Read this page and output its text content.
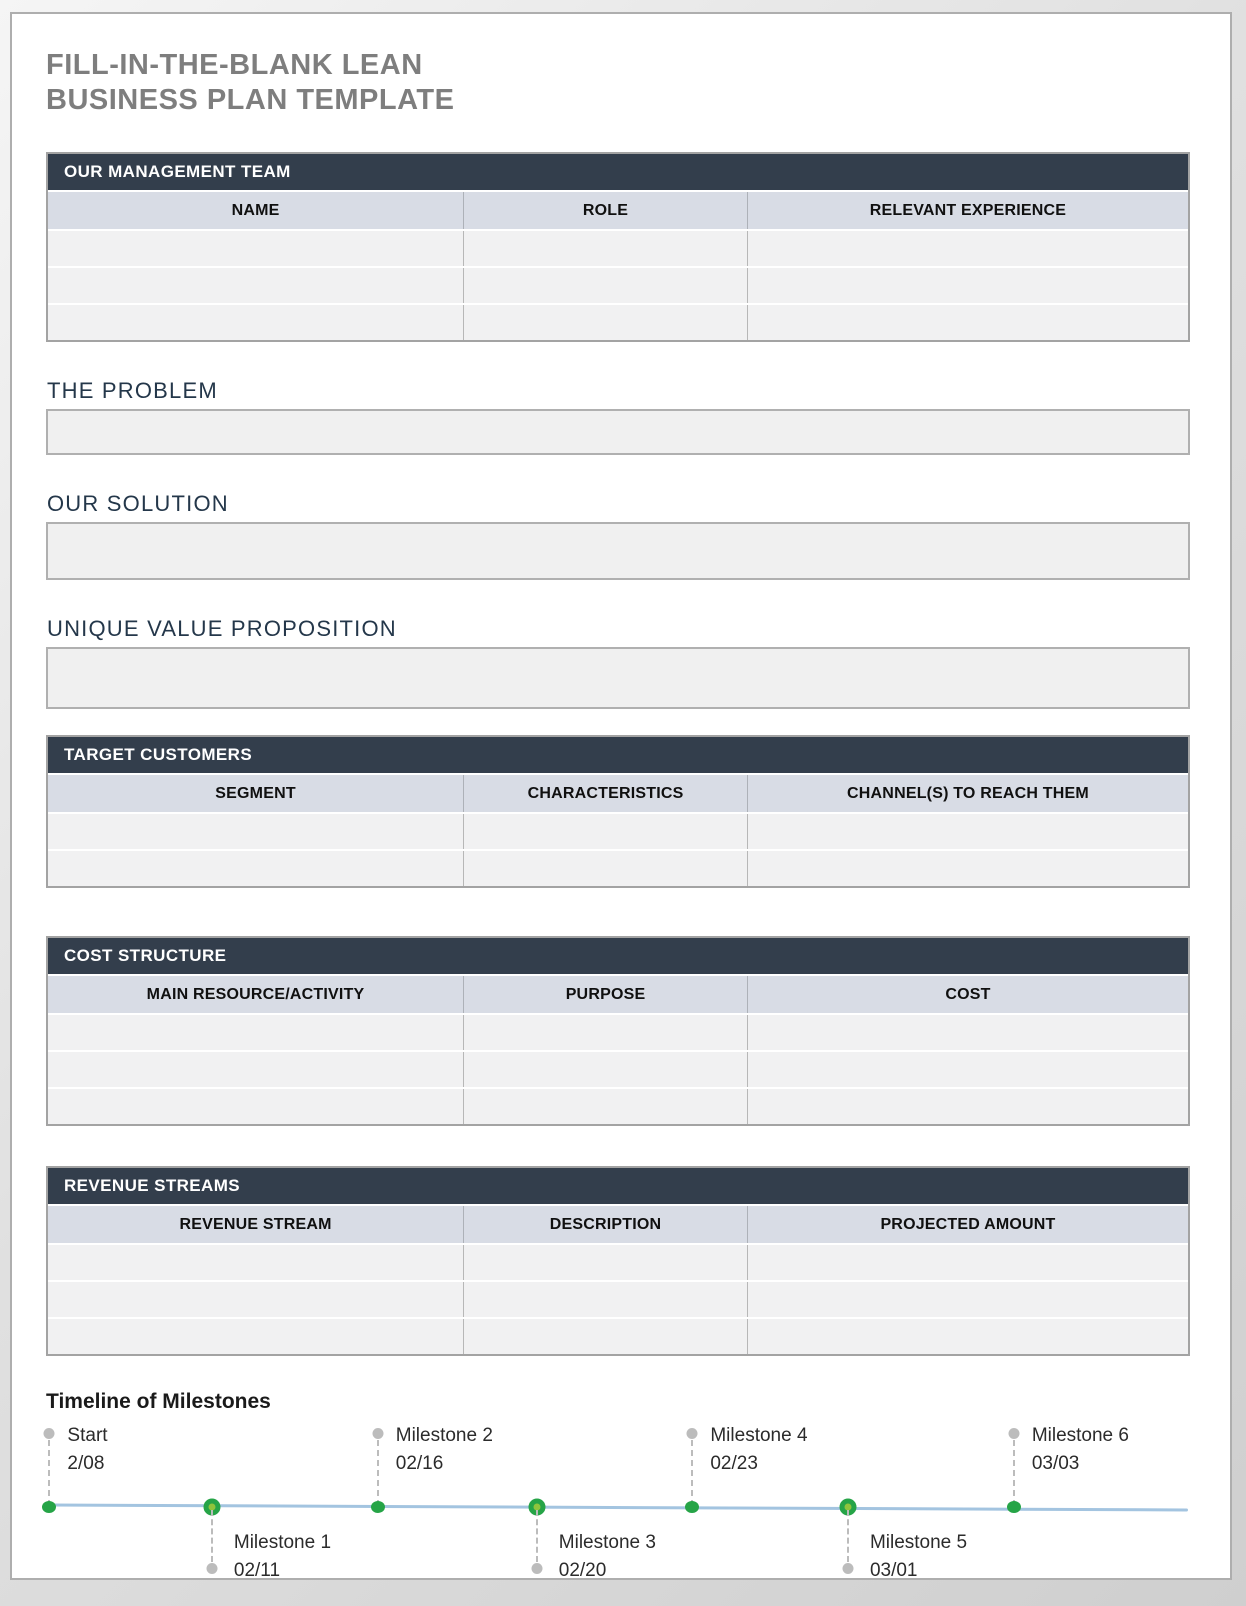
FILL-IN-THE-BLANK LEAN
BUSINESS PLAN TEMPLATE
OUR MANAGEMENT TEAM
NAME	ROLE	RELEVANT EXPERIENCE
THE PROBLEM
OUR SOLUTION
UNIQUE VALUE PROPOSITION
TARGET CUSTOMERS
SEGMENT	CHARACTERISTICS	CHANNEL(S) TO REACH THEM
COST STRUCTURE
MAIN RESOURCE/ACTIVITY	PURPOSE	COST
REVENUE STREAMS
REVENUE STREAM	DESCRIPTION	PROJECTED AMOUNT
Timeline of Milestones
Start
2/08
Milestone 1
02/11
Milestone 2
02/16
Milestone 3
02/20
Milestone 4
02/23
Milestone 5
03/01
Milestone 6
03/03
